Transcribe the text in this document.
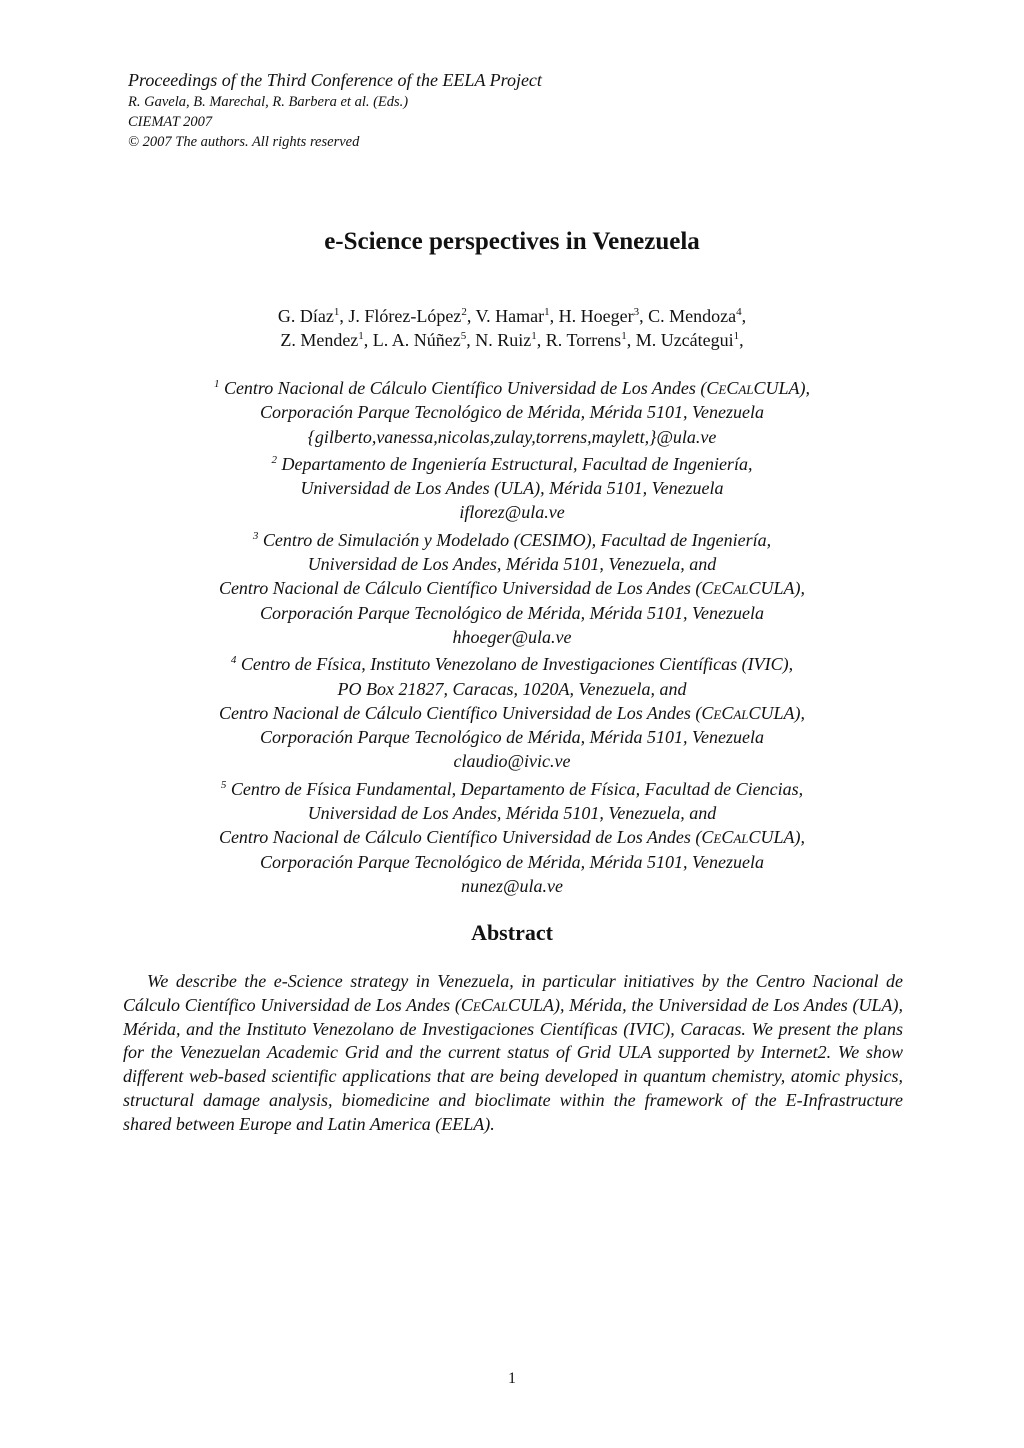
Proceedings of the Third Conference of the EELA Project
R. Gavela, B. Marechal, R. Barbera et al. (Eds.)
CIEMAT 2007
© 2007 The authors. All rights reserved
e-Science perspectives in Venezuela
G. Díaz$^1$, J. Flórez-López$^2$, V. Hamar$^1$, H. Hoeger$^3$, C. Mendoza$^4$,
Z. Mendez$^1$, L. A. Núñez$^5$, N. Ruiz$^1$, R. Torrens$^1$, M. Uzcátegui$^1$,
$^1$ Centro Nacional de Cálculo Científico Universidad de Los Andes (CeCalCULA),
Corporación Parque Tecnológico de Mérida, Mérida 5101, Venezuela
{gilberto,vanessa,nicolas,zulay,torrens,maylett,}@ula.ve
$^2$ Departamento de Ingeniería Estructural, Facultad de Ingeniería,
Universidad de Los Andes (ULA), Mérida 5101, Venezuela
iflorez@ula.ve
$^3$ Centro de Simulación y Modelado (CESIMO), Facultad de Ingeniería,
Universidad de Los Andes, Mérida 5101, Venezuela, and
Centro Nacional de Cálculo Científico Universidad de Los Andes (CeCalCULA),
Corporación Parque Tecnológico de Mérida, Mérida 5101, Venezuela
hhoeger@ula.ve
$^4$ Centro de Física, Instituto Venezolano de Investigaciones Científicas (IVIC),
PO Box 21827, Caracas, 1020A, Venezuela, and
Centro Nacional de Cálculo Científico Universidad de Los Andes (CeCalCULA),
Corporación Parque Tecnológico de Mérida, Mérida 5101, Venezuela
claudio@ivic.ve
$^5$ Centro de Física Fundamental, Departamento de Física, Facultad de Ciencias,
Universidad de Los Andes, Mérida 5101, Venezuela, and
Centro Nacional de Cálculo Científico Universidad de Los Andes (CeCalCULA),
Corporación Parque Tecnológico de Mérida, Mérida 5101, Venezuela
nunez@ula.ve
Abstract

We describe the e-Science strategy in Venezuela, in particular initiatives by the Centro Nacional de Cálculo Científico Universidad de Los Andes (CeCalCULA), Mérida, the Universidad de Los Andes (ULA), Mérida, and the Instituto Venezolano de Investigaciones Científicas (IVIC), Caracas. We present the plans for the Venezuelan Academic Grid and the current status of Grid ULA supported by Internet2. We show different web-based scientific applications that are being developed in quantum chemistry, atomic physics, structural damage analysis, biomedicine and bioclimate within the framework of the E-Infrastructure shared between Europe and Latin America (EELA).

1
